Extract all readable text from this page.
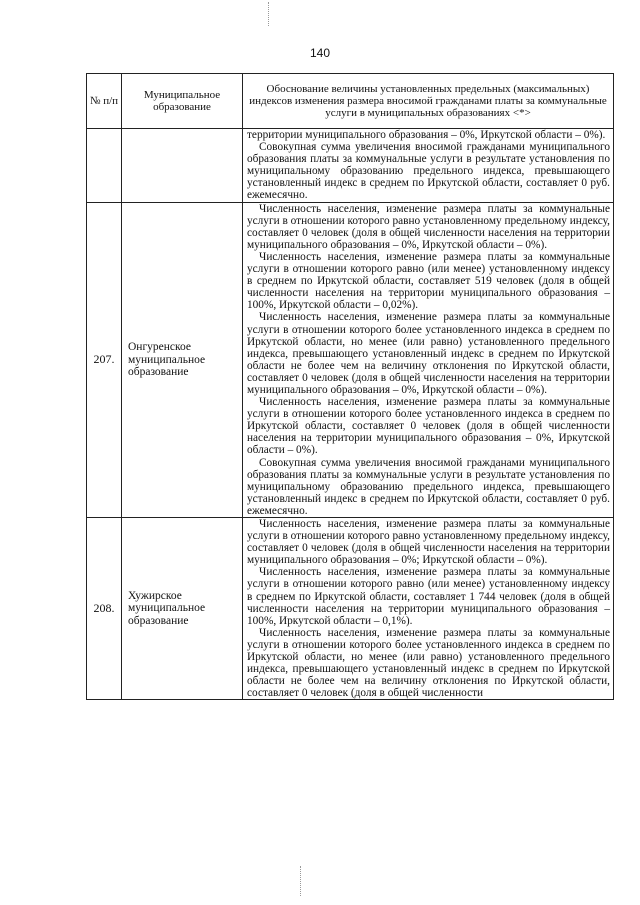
140
№ п/п	Муниципальное образование	Обоснование величины установленных предельных (максимальных) индексов изменения размера вносимой гражданами платы за коммунальные услуги в муниципальных образованиях <*>

		территории муниципального образования – 0%, Иркутской области – 0%).

Совокупная сумма увеличения вносимой гражданами муниципального образования платы за коммунальные услуги в результате установления по муниципальному образованию предельного индекса, превышающего установленный индекс в среднем по Иркутской области, составляет 0 руб. ежемесячно.

207.	Онгуренское муниципальное образование	Численность населения, изменение размера платы за коммунальные услуги в отношении которого равно установленному предельному индексу, составляет 0 человек (доля в общей численности населения на территории муниципального образования – 0%, Иркутской области – 0%).

Численность населения, изменение размера платы за коммунальные услуги в отношении которого равно (или менее) установленному индексу в среднем по Иркутской области, составляет 519 человек (доля в общей численности населения на территории муниципального образования – 100%, Иркутской области – 0,02%).

Численность населения, изменение размера платы за коммунальные услуги в отношении которого более установленного индекса в среднем по Иркутской области, но менее (или равно) установленного предельного индекса, превышающего установленный индекс в среднем по Иркутской области не более чем на величину отклонения по Иркутской области, составляет 0 человек (доля в общей численности населения на территории муниципального образования – 0%, Иркутской области – 0%).

Численность населения, изменение размера платы за коммунальные услуги в отношении которого более установленного индекса в среднем по Иркутской области, составляет 0 человек (доля в общей численности населения на территории муниципального образования – 0%, Иркутской области – 0%).

Совокупная сумма увеличения вносимой гражданами муниципального образования платы за коммунальные услуги в результате установления по муниципальному образованию предельного индекса, превышающего установленный индекс в среднем по Иркутской области, составляет 0 руб. ежемесячно.

208.	Хужирское муниципальное образование	Численность населения, изменение размера платы за коммунальные услуги в отношении которого равно установленному предельному индексу, составляет 0 человек (доля в общей численности населения на территории муниципального образования – 0%; Иркутской области – 0%).

Численность населения, изменение размера платы за коммунальные услуги в отношении которого равно (или менее) установленному индексу в среднем по Иркутской области, составляет 1 744 человек (доля в общей численности населения на территории муниципального образования – 100%, Иркутской области – 0,1%).

Численность населения, изменение размера платы за коммунальные услуги в отношении которого более установленного индекса в среднем по Иркутской области, но менее (или равно) установленного предельного индекса, превышающего установленный индекс в среднем по Иркутской области не более чем на величину отклонения по Иркутской области, составляет 0 человек (доля в общей численности
